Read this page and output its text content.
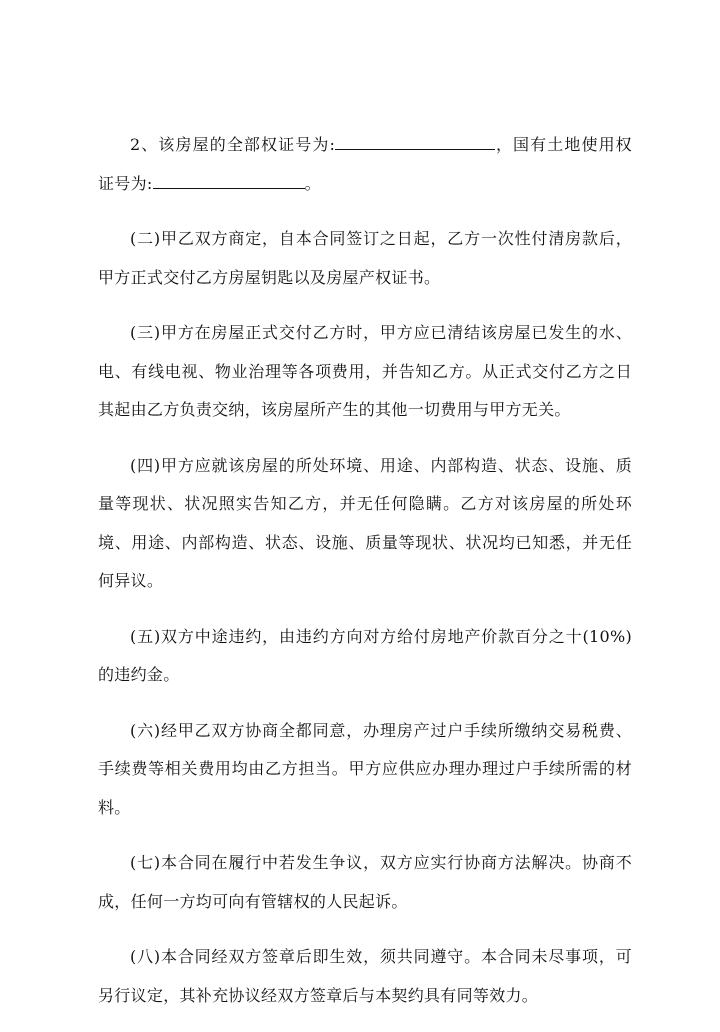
2、该房屋的全部权证号为:	，国有土地使用权证号为:	。

(二)甲乙双方商定，自本合同签订之日起，乙方一次性付清房款后，甲方正式交付乙方房屋钥匙以及房屋产权证书。

(三)甲方在房屋正式交付乙方时，甲方应已清结该房屋已发生的水、电、有线电视、物业治理等各项费用，并告知乙方。从正式交付乙方之日其起由乙方负责交纳，该房屋所产生的其他一切费用与甲方无关。

(四)甲方应就该房屋的所处环境、用途、内部构造、状态、设施、质量等现状、状况照实告知乙方，并无任何隐瞒。乙方对该房屋的所处环境、用途、内部构造、状态、设施、质量等现状、状况均已知悉，并无任何异议。

(五)双方中途违约，由违约方向对方给付房地产价款百分之十(10%)的违约金。

(六)经甲乙双方协商全都同意，办理房产过户手续所缴纳交易税费、手续费等相关费用均由乙方担当。甲方应供应办理办理过户手续所需的材料。

(七)本合同在履行中若发生争议，双方应实行协商方法解决。协商不成，任何一方均可向有管辖权的人民起诉。

(八)本合同经双方签章后即生效，须共同遵守。本合同未尽事项，可另行议定，其补充协议经双方签章后与本契约具有同等效力。
